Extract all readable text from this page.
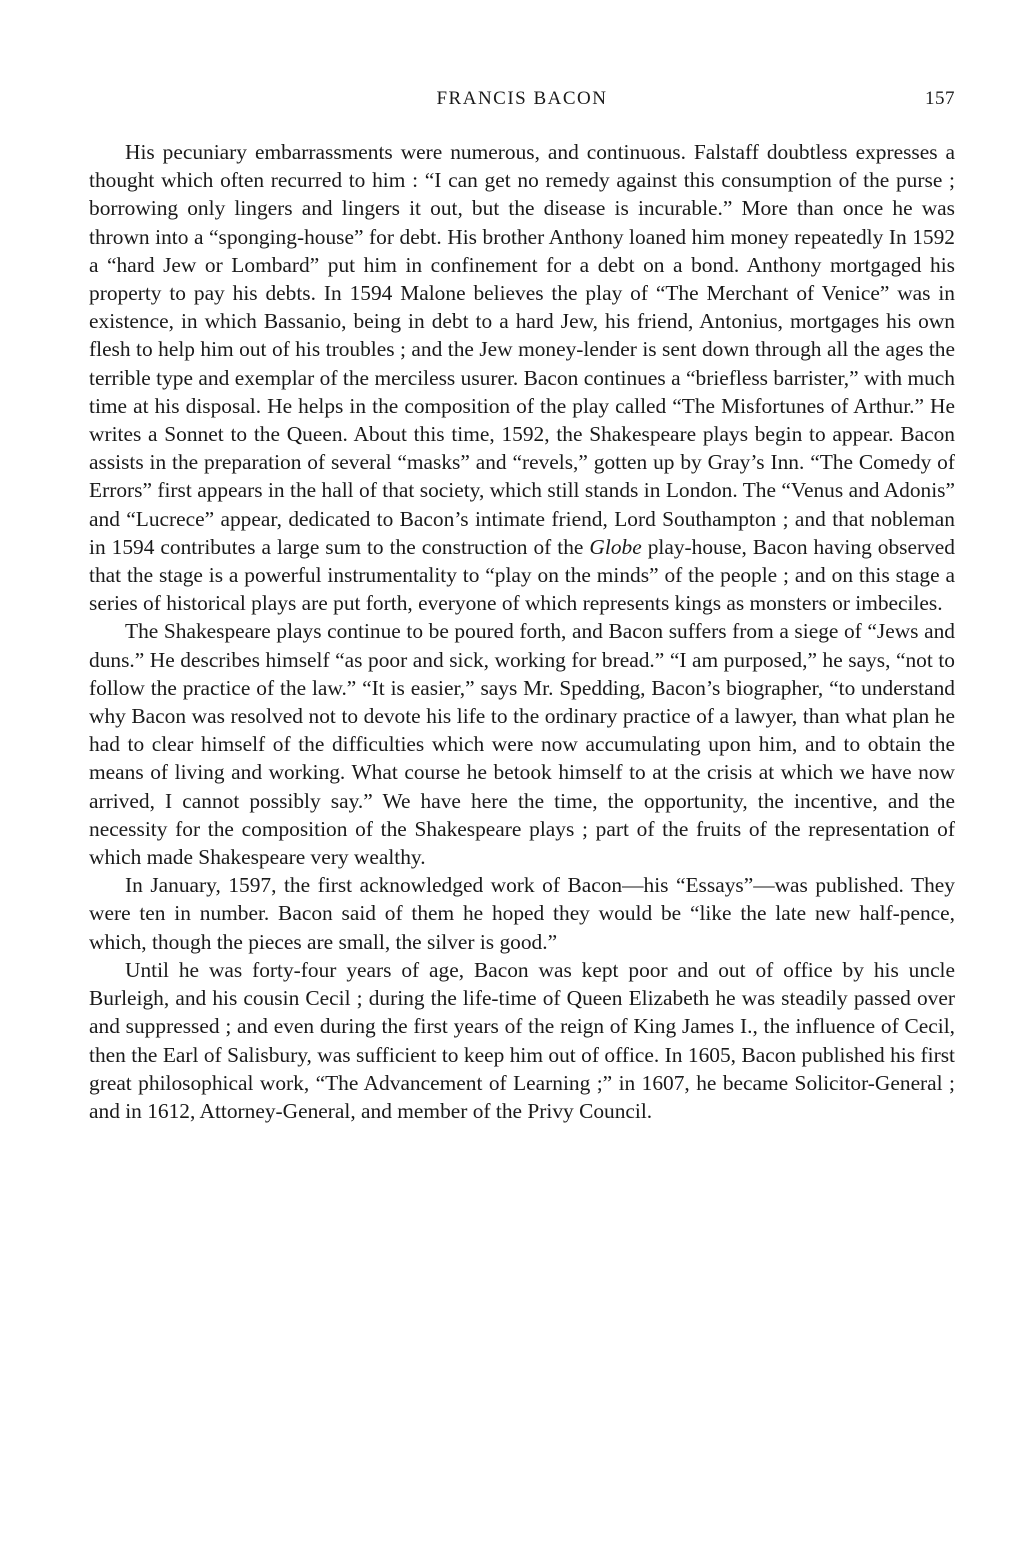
FRANCIS BACON	157

His pecuniary embarrassments were numerous, and continuous. Falstaff doubtless expresses a thought which often recurred to him : “I can get no remedy against this consumption of the purse ; borrowing only lingers and lingers it out, but the disease is incurable.” More than once he was thrown into a “sponging-house” for debt. His brother Anthony loaned him money repeatedly In 1592 a “hard Jew or Lombard” put him in confinement for a debt on a bond. Anthony mortgaged his property to pay his debts. In 1594 Malone believes the play of “The Merchant of Venice” was in existence, in which Bassanio, being in debt to a hard Jew, his friend, Antonius, mortgages his own flesh to help him out of his troubles ; and the Jew money-lender is sent down through all the ages the terrible type and exemplar of the merciless usurer. Bacon continues a “briefless barrister,” with much time at his disposal. He helps in the composition of the play called “The Misfortunes of Arthur.” He writes a Sonnet to the Queen. About this time, 1592, the Shakespeare plays begin to appear. Bacon assists in the preparation of several “masks” and “revels,” gotten up by Gray’s Inn. “The Comedy of Errors” first appears in the hall of that society, which still stands in London. The “Venus and Adonis” and “Lucrece” appear, dedicated to Bacon’s intimate friend, Lord Southampton ; and that nobleman in 1594 contributes a large sum to the construction of the Globe play-house, Bacon having observed that the stage is a powerful instrumentality to “play on the minds” of the people ; and on this stage a series of historical plays are put forth, everyone of which represents kings as monsters or imbeciles.

The Shakespeare plays continue to be poured forth, and Bacon suffers from a siege of “Jews and duns.” He describes himself “as poor and sick, working for bread.” “I am purposed,” he says, “not to follow the practice of the law.” “It is easier,” says Mr. Spedding, Bacon’s biographer, “to understand why Bacon was resolved not to devote his life to the ordinary practice of a lawyer, than what plan he had to clear himself of the difficulties which were now accumulating upon him, and to obtain the means of living and working. What course he betook himself to at the crisis at which we have now arrived, I cannot possibly say.” We have here the time, the opportunity, the incentive, and the necessity for the composition of the Shakespeare plays ; part of the fruits of the representation of which made Shakespeare very wealthy.

In January, 1597, the first acknowledged work of Bacon—his “Essays”—was published. They were ten in number. Bacon said of them he hoped they would be “like the late new half-pence, which, though the pieces are small, the silver is good.”

Until he was forty-four years of age, Bacon was kept poor and out of office by his uncle Burleigh, and his cousin Cecil ; during the life-time of Queen Elizabeth he was steadily passed over and suppressed ; and even during the first years of the reign of King James I., the influence of Cecil, then the Earl of Salisbury, was sufficient to keep him out of office. In 1605, Bacon published his first great philosophical work, “The Advancement of Learning ;” in 1607, he became Solicitor-General ; and in 1612, Attorney-General, and member of the Privy Council.
